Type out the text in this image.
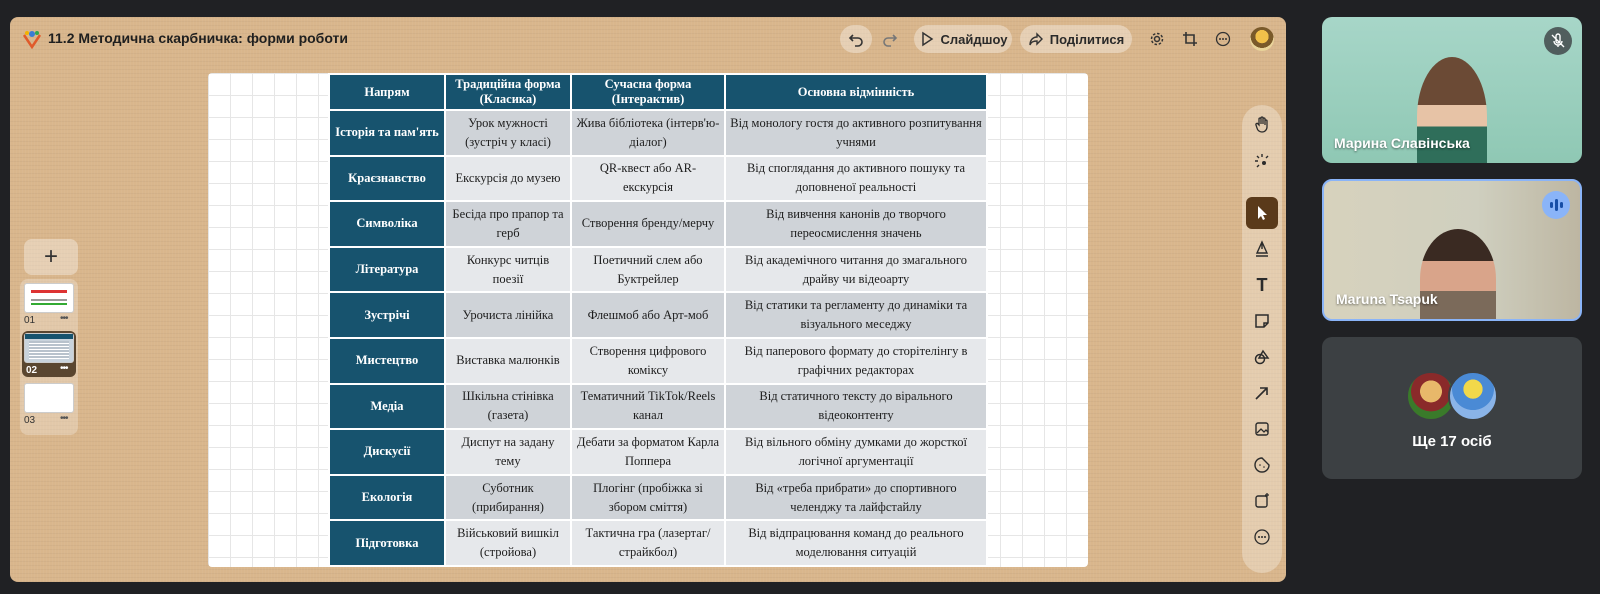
11.2 Методична скарбничка: форми роботи	Слайдшоу	Поділитися
+
01 •••
02 •••
03 •••
Напрям	Традиційна форма (Класика)	Сучасна форма (Інтерактив)	Основна відмінність
Історія та пам'ять	Урок мужності (зустріч у класі)	Жива бібліотека (інтерв'ю-діалог)	Від монологу гостя до активного розпитування учнями
Краєзнавство	Екскурсія до музею	QR-квест або AR-екскурсія	Від споглядання до активного пошуку та доповненої реальності
Символіка	Бесіда про прапор та герб	Створення бренду/мерчу	Від вивчення канонів до творчого переосмислення значень
Література	Конкурс читців поезії	Поетичний слем або Буктрейлер	Від академічного читання до змагального драйву чи відеоарту
Зустрічі	Урочиста лінійка	Флешмоб або Арт-моб	Від статики та регламенту до динаміки та візуального меседжу
Мистецтво	Виставка малюнків	Створення цифрового коміксу	Від паперового формату до сторітелінгу в графічних редакторах
Медіа	Шкільна стінівка (газета)	Тематичний TikTok/Reels канал	Від статичного тексту до вірального відеоконтенту
Дискусії	Диспут на задану тему	Дебати за форматом Карла Поппера	Від вільного обміну думками до жорсткої логічної аргументації
Екологія	Суботник (прибирання)	Плогінг (пробіжка зі збором сміття)	Від «треба прибрати» до спортивного челенджу та лайфстайлу
Підготовка	Військовий вишкіл (стройова)	Тактична гра (лазертаг/страйкбол)	Від відпрацювання команд до реального моделювання ситуацій
T
Марина Славінська
Maruna Tsapuk
Ще 17 осіб
